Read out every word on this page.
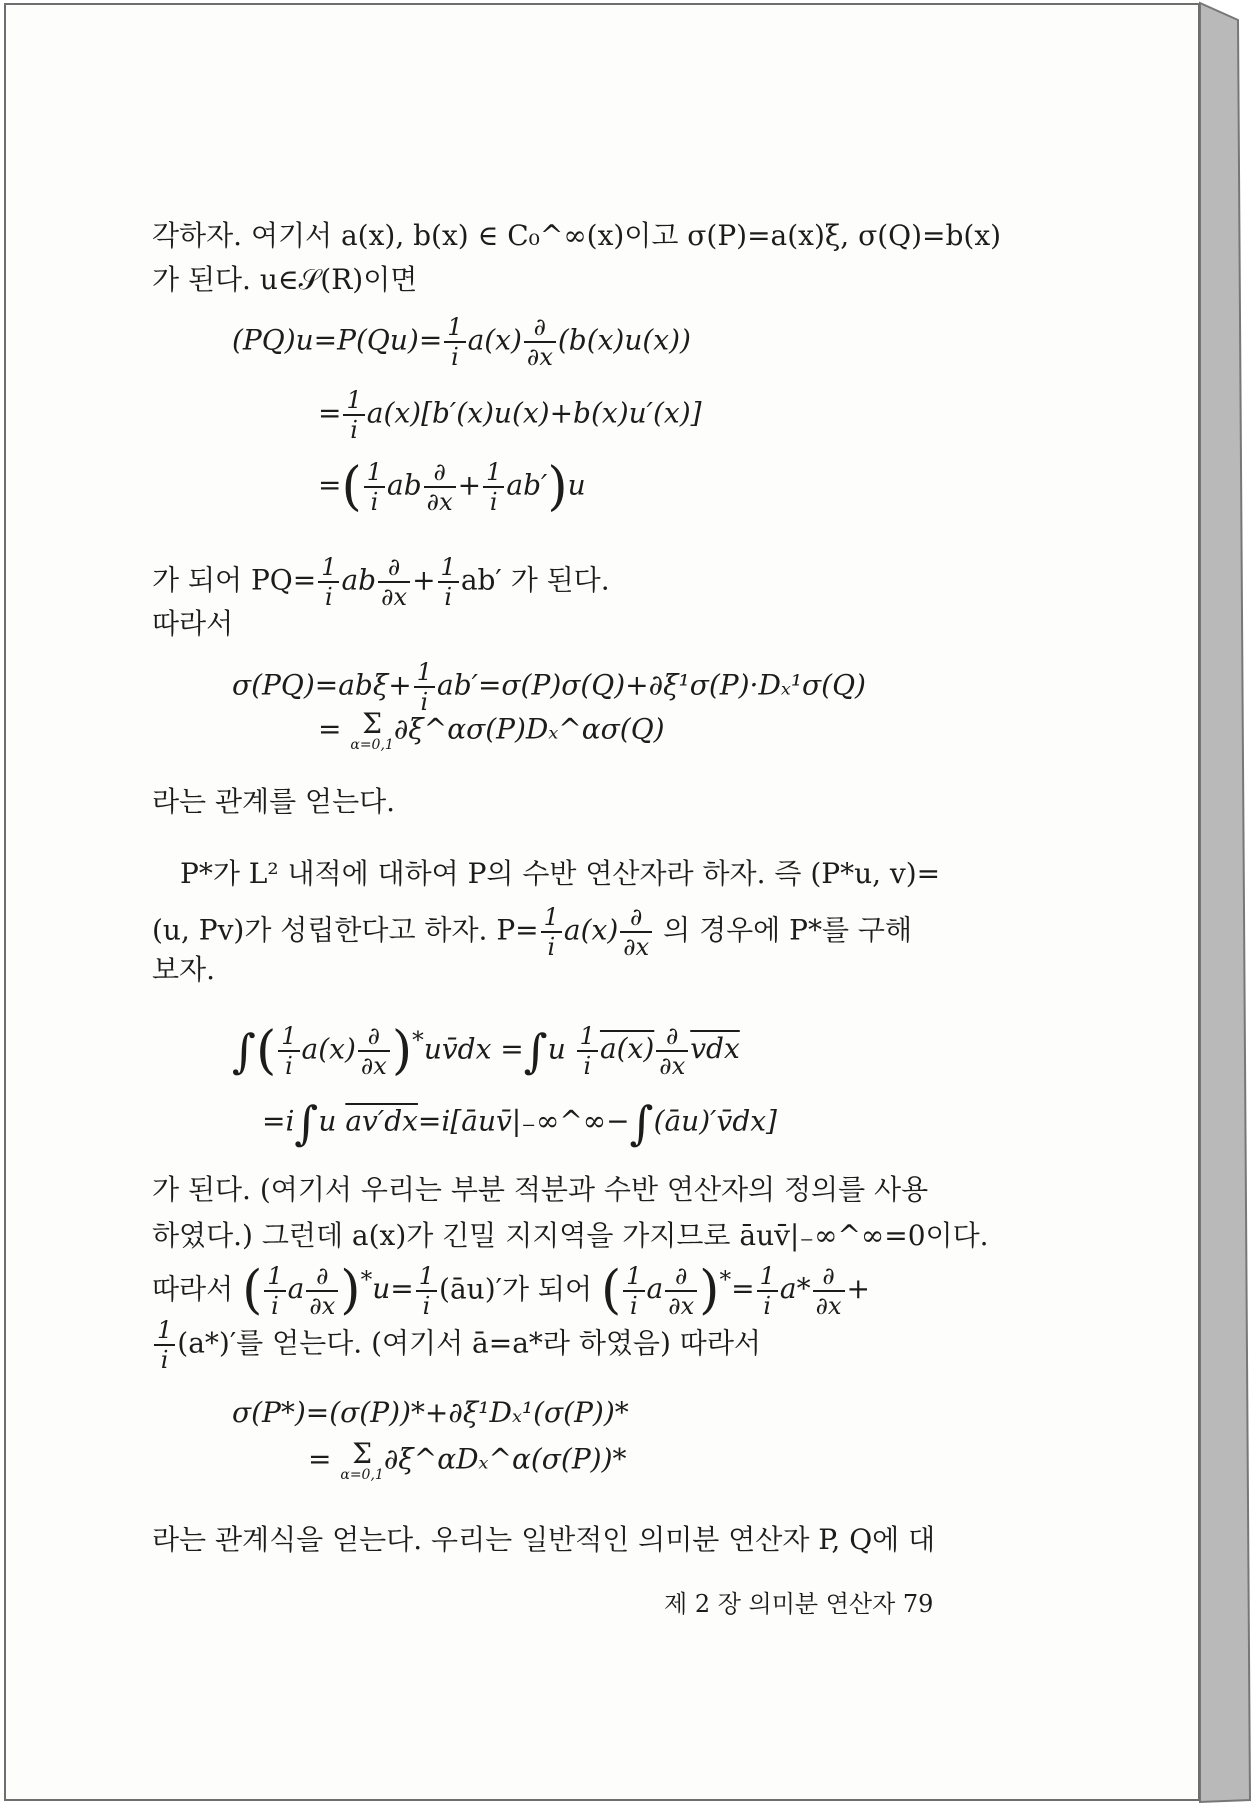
각하자. 여기서 a(x), b(x) ∈ C₀^∞(x)이고 σ(P)=a(x)ξ, σ(Q)=b(x)
가 된다. u∈𝒮(R)이면
$(PQ)u=P(Qu)= \frac{1}{i} a(x) \frac{\partial}{\partial x} (b(x)u(x))$
= $\frac{1}{i} a(x)[b'(x)u(x)+b(x)u'(x)]$
=( $\frac{1}{i}$ ab $\frac{\partial}{\partial x} + \frac{1}{i} ab')u$
가 되어 $PQ= \frac{1}{i}$ ab $\frac{\partial}{\partial x} + \frac{1}{i} ab'$ 가 된다.
따라서
$\sigma(PQ)=ab\xi+ \frac{1}{i} ab'=\sigma(P)\sigma(Q)+\partial\xi^1\sigma(P)\cdot D_x^1\sigma(Q)$
= Σ
α=0,1 ∂ξ^ασ(P)Dₓ^ασ(Q)
라는 관계를 얻는다.
P*가 L² 내적에 대하여 P의 수반 연산자라 하자. 즉 (P*u, v)=
(u, Pv)가 성립한다고 하자. $P= \frac{1}{i} a(x) \frac{\partial}{\partial x}$ 의 경우에 P*를 구해
보자.
∫( $\frac{1}{i} a(x) \frac{\partial}{\partial x}$ )*uv̄dx $=\int u \frac{1}{i} a(x) \frac{\partial}{\partial x}$ vdx
=i∫u av′dx=i[āuv̄|₋∞^∞−∫(āu)′v̄dx]
가 된다. (여기서 우리는 부분 적분과 수반 연산자의 정의를 사용
하였다.) 그런데 a(x)가 긴밀 지지역을 가지므로 āuv̄|₋∞^∞=0이다.
따라서 ( $\frac{1}{i}$ a $\frac{\partial}{\partial x} )^*u= \frac{1}{i}$ (āu)′가 되어 ( $\frac{1}{i}$ a $\frac{\partial}{\partial x} )^*= \frac{1}{i} a* \frac{\partial}{\partial x}$ +
$\frac{1}{i} (a*)'$를 얻는다. (여기서 ā=a*라 하였음) 따라서
σ(P*)=(σ(P))*+∂ξ¹Dₓ¹(σ(P))*
= Σ
α=0,1 ∂ξ^αDₓ^α(σ(P))*
라는 관계식을 얻는다. 우리는 일반적인 의미분 연산자 P, Q에 대
제 2 장 의미분 연산자 79
